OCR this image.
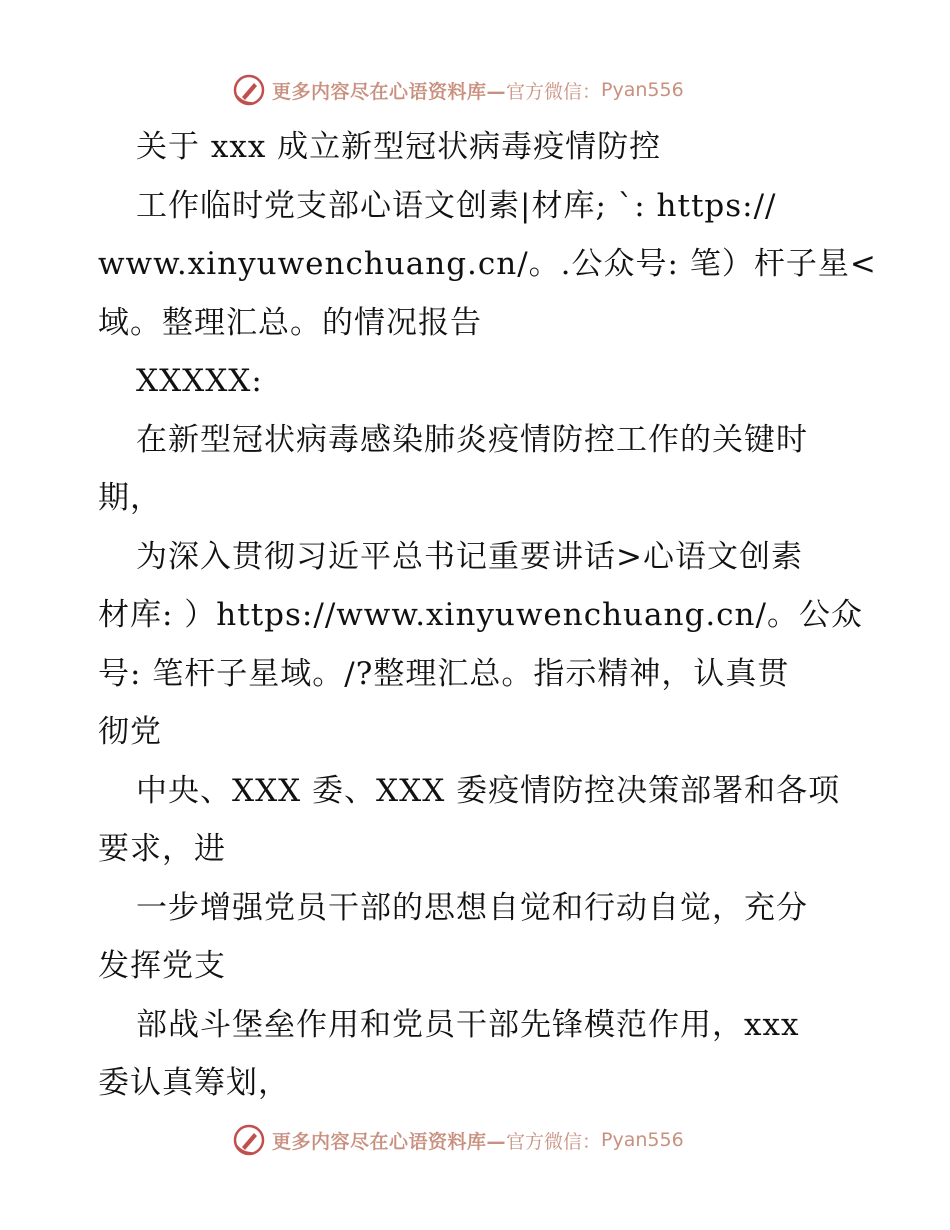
更多内容尽在心语资料库— 官方微信： Pyan556
关于 xxx 成立新型冠状病毒疫情防控
工作临时党支部心语文创素|材库; `: https://
www.xinyuwenchuang.cn/。.公众号: 笔）杆子星<
域。整理汇总。的情况报告
XXXXX:
在新型冠状病毒感染肺炎疫情防控工作的关键时
期，
为深入贯彻习近平总书记重要讲话>心语文创素
材库: ）https://www.xinyuwenchuang.cn/。公众
号: 笔杆子星域。/?整理汇总。指示精神，认真贯
彻党
中央、XXX 委、XXX 委疫情防控决策部署和各项
要求，进
一步增强党员干部的思想自觉和行动自觉，充分
发挥党支
部战斗堡垒作用和党员干部先锋模范作用，xxx
委认真筹划，
更多内容尽在心语资料库— 官方微信： Pyan556
